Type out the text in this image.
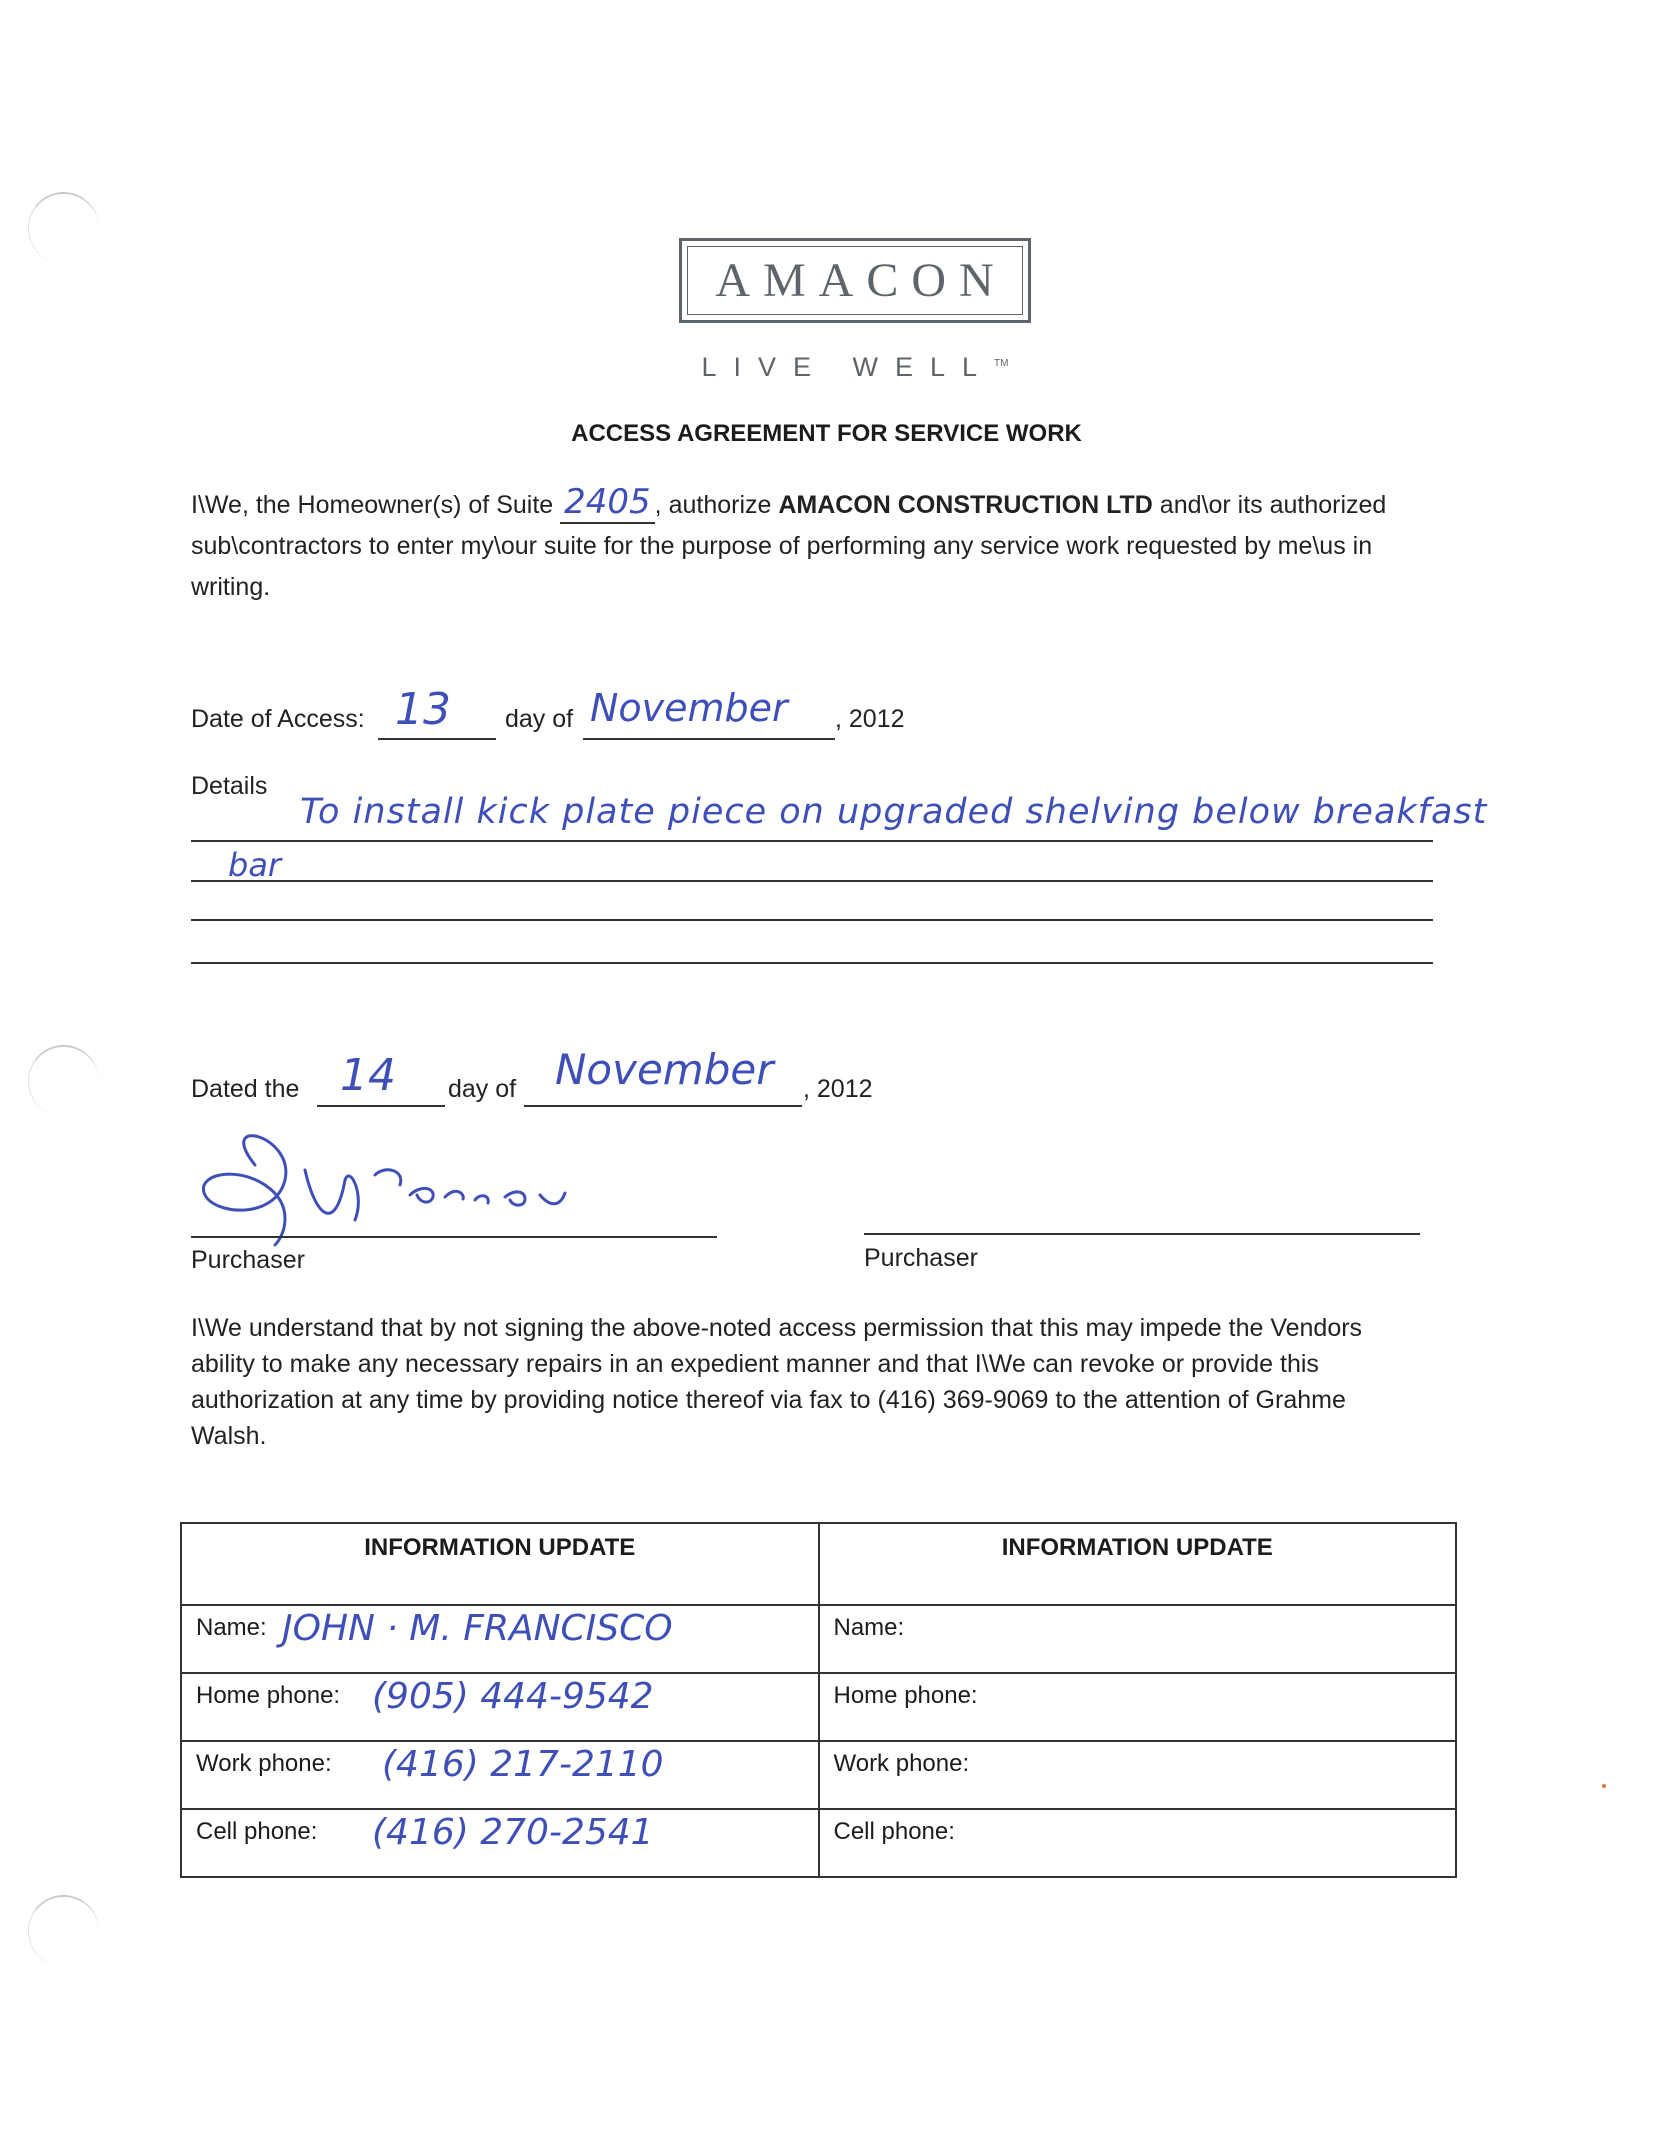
AMACON
LIVE WELL™
ACCESS AGREEMENT FOR SERVICE WORK
I\We, the Homeowner(s) of Suite 2405 , authorize AMACON CONSTRUCTION LTD and\or its authorized sub\contractors to enter my\our suite for the purpose of performing any service work requested by me\us in writing.
Date of Access: 13 day of November , 2012
Details
To install kick plate piece on upgraded shelving below breakfast
bar
Dated the 14 day of November , 2012
Purchaser	Purchaser
I\We understand that by not signing the above-noted access permission that this may impede the Vendors ability to make any necessary repairs in an expedient manner and that I\We can revoke or provide this authorization at any time by providing notice thereof via fax to (416) 369-9069 to the attention of Grahme Walsh.
INFORMATION UPDATE	INFORMATION UPDATE
Name: JOHN · M. FRANCISCO	Name:
Home phone: (905) 444-9542	Home phone:
Work phone: (416) 217-2110	Work phone:
Cell phone: (416) 270-2541	Cell phone:
